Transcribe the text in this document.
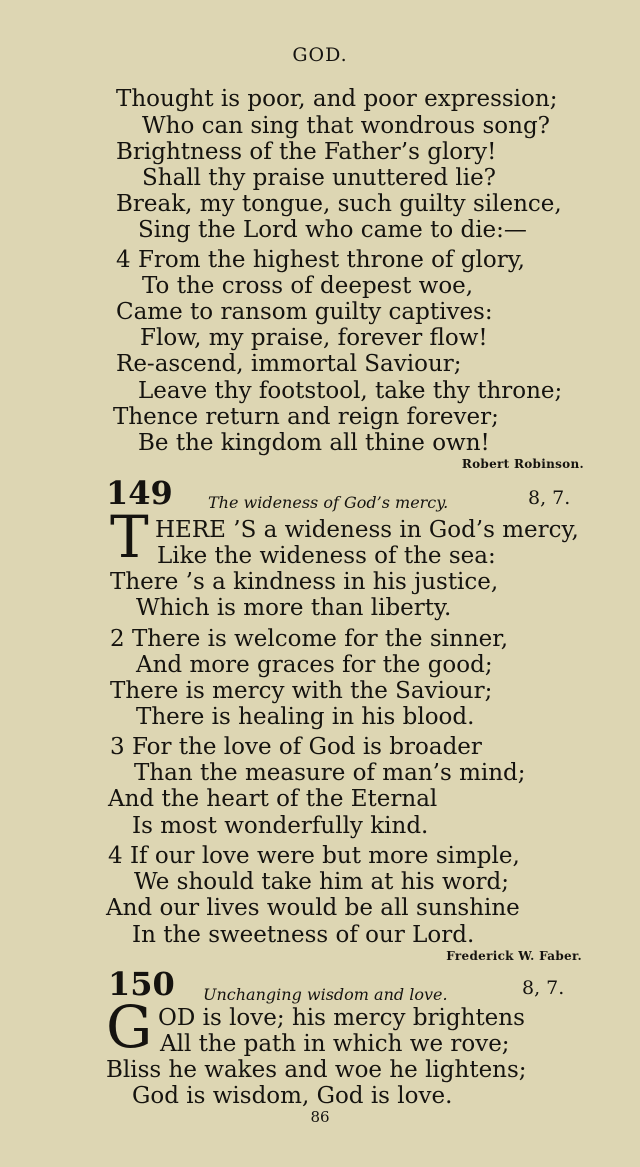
GOD.
Thought is poor, and poor expression;
Who can sing that wondrous song?
Brightness of the Father’s glory!
Shall thy praise unuttered lie?
Break, my tongue, such guilty silence,
Sing the Lord who came to die:—
4 From the highest throne of glory,
To the cross of deepest woe,
Came to ransom guilty captives:
Flow, my praise, forever flow!
Re-ascend, immortal Saviour;
Leave thy footstool, take thy throne;
Thence return and reign forever;
Be the kingdom all thine own!
Robert Robinson.
149 The wideness of God’s mercy.	8, 7.
T HERE ’S a wideness in God’s mercy,
Like the wideness of the sea:
There ’s a kindness in his justice,
Which is more than liberty.
2 There is welcome for the sinner,
And more graces for the good;
There is mercy with the Saviour;
There is healing in his blood.
3 For the love of God is broader
Than the measure of man’s mind;
And the heart of the Eternal
Is most wonderfully kind.
4 If our love were but more simple,
We should take him at his word;
And our lives would be all sunshine
In the sweetness of our Lord.
Frederick W. Faber.
150 Unchanging wisdom and love.	8, 7.
G OD is love; his mercy brightens
All the path in which we rove;
Bliss he wakes and woe he lightens;
God is wisdom, God is love.
86
